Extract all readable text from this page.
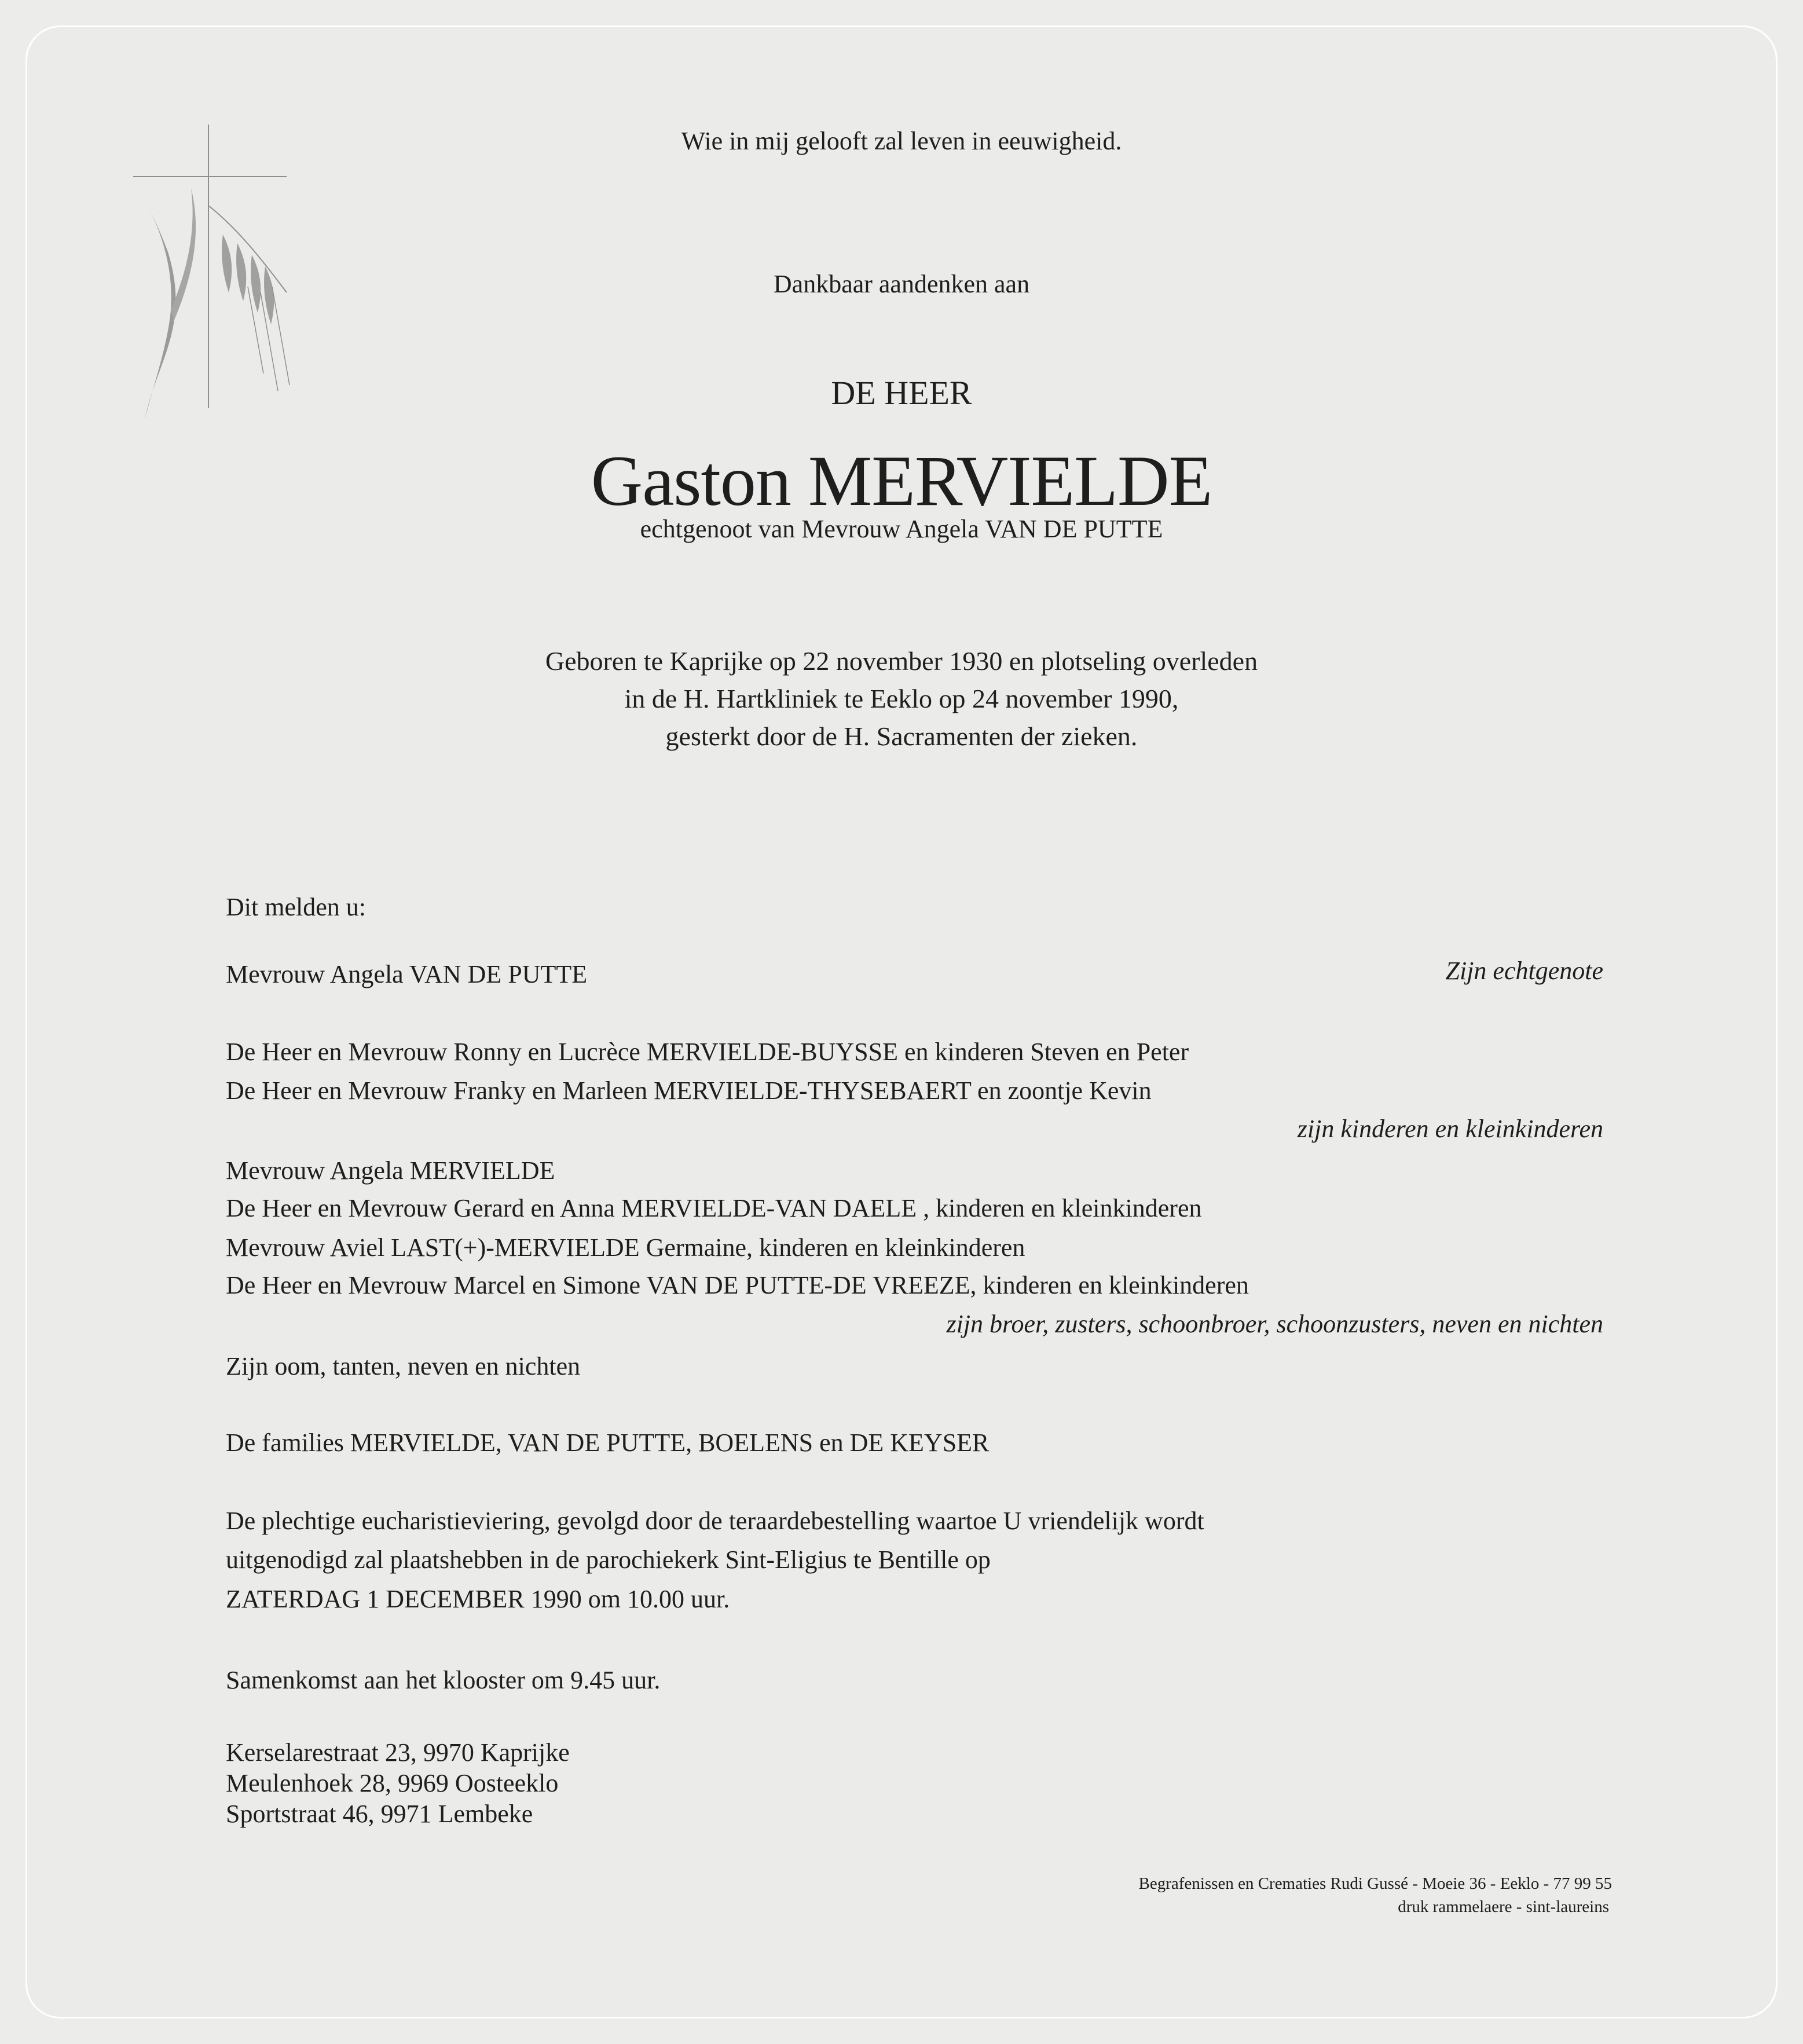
Wie in mij gelooft zal leven in eeuwigheid.

Dankbaar aandenken aan

DE HEER

Gaston MERVIELDE

echtgenoot van Mevrouw Angela VAN DE PUTTE

Geboren te Kaprijke op 22 november 1930 en plotseling overleden

in de H. Hartkliniek te Eeklo op 24 november 1990,

gesterkt door de H. Sacramenten der zieken.

Dit melden u:

Mevrouw Angela VAN DE PUTTE	Zijn echtgenote

De Heer en Mevrouw Ronny en Lucrèce MERVIELDE-BUYSSE en kinderen Steven en Peter

De Heer en Mevrouw Franky en Marleen MERVIELDE-THYSEBAERT en zoontje Kevin

zijn kinderen en kleinkinderen

Mevrouw Angela MERVIELDE

De Heer en Mevrouw Gerard en Anna MERVIELDE-VAN DAELE , kinderen en kleinkinderen

Mevrouw Aviel LAST(+)-MERVIELDE Germaine, kinderen en kleinkinderen

De Heer en Mevrouw Marcel en Simone VAN DE PUTTE-DE VREEZE, kinderen en kleinkinderen

zijn broer, zusters, schoonbroer, schoonzusters, neven en nichten

Zijn oom, tanten, neven en nichten

De families MERVIELDE, VAN DE PUTTE, BOELENS en DE KEYSER

De plechtige eucharistieviering, gevolgd door de teraardebestelling waartoe U vriendelijk wordt

uitgenodigd zal plaatshebben in de parochiekerk Sint-Eligius te Bentille op

ZATERDAG 1 DECEMBER 1990 om 10.00 uur.

Samenkomst aan het klooster om 9.45 uur.

Kerselarestraat 23, 9970 Kaprijke

Meulenhoek 28, 9969 Oosteeklo

Sportstraat 46, 9971 Lembeke

Begrafenissen en Crematies Rudi Gussé - Moeie 36 - Eeklo - 77 99 55

druk rammelaere - sint-laureins
